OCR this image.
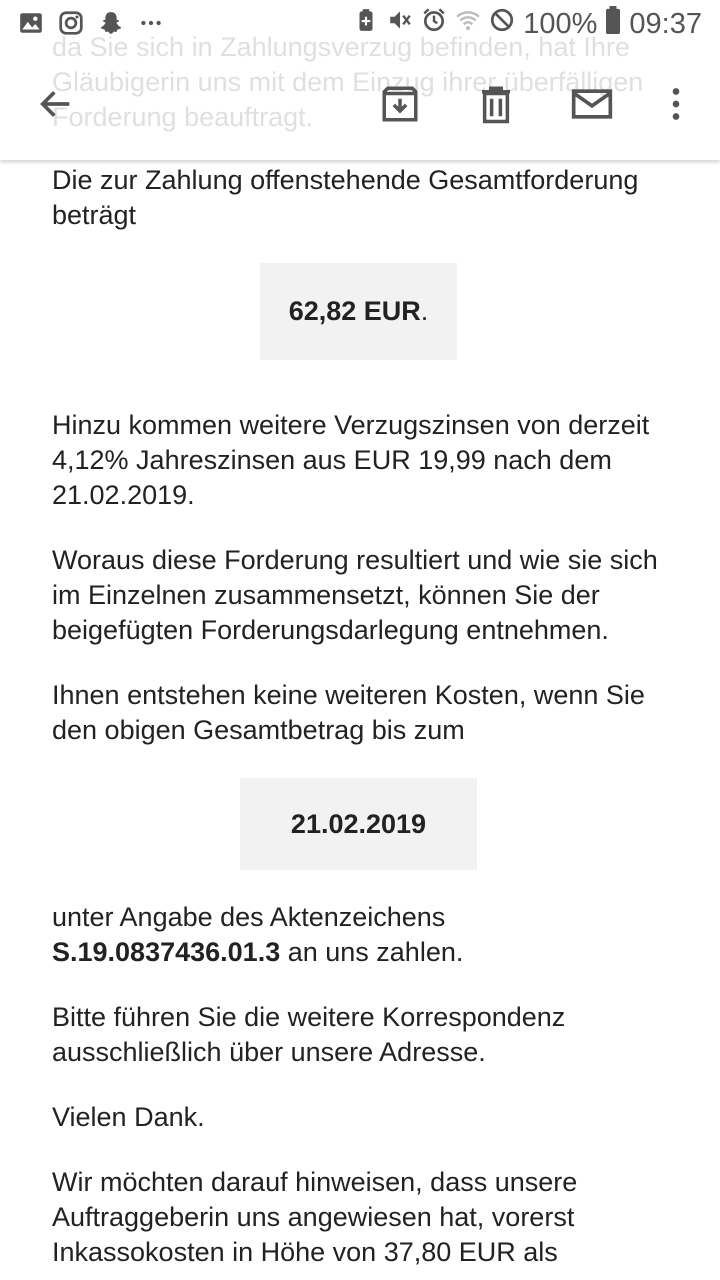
100% 09:37

Die zur Zahlung offenstehende Gesamtforderung beträgt

62,82 EUR .

Hinzu kommen weitere Verzugszinsen von derzeit 4,12% Jahreszinsen aus EUR 19,99 nach dem 21.02.2019.

Woraus diese Forderung resultiert und wie sie sich im Einzelnen zusammensetzt, können Sie der beigefügten Forderungsdarlegung entnehmen.

Ihnen entstehen keine weiteren Kosten, wenn Sie den obigen Gesamtbetrag bis zum

21.02.2019

unter Angabe des Aktenzeichens
S.19.0837436.01.3 an uns zahlen.

Bitte führen Sie die weitere Korrespondenz ausschließlich über unsere Adresse.

Vielen Dank.

Wir möchten darauf hinweisen, dass unsere Auftraggeberin uns angewiesen hat, vorerst Inkassokosten in Höhe von 37,80 EUR als
